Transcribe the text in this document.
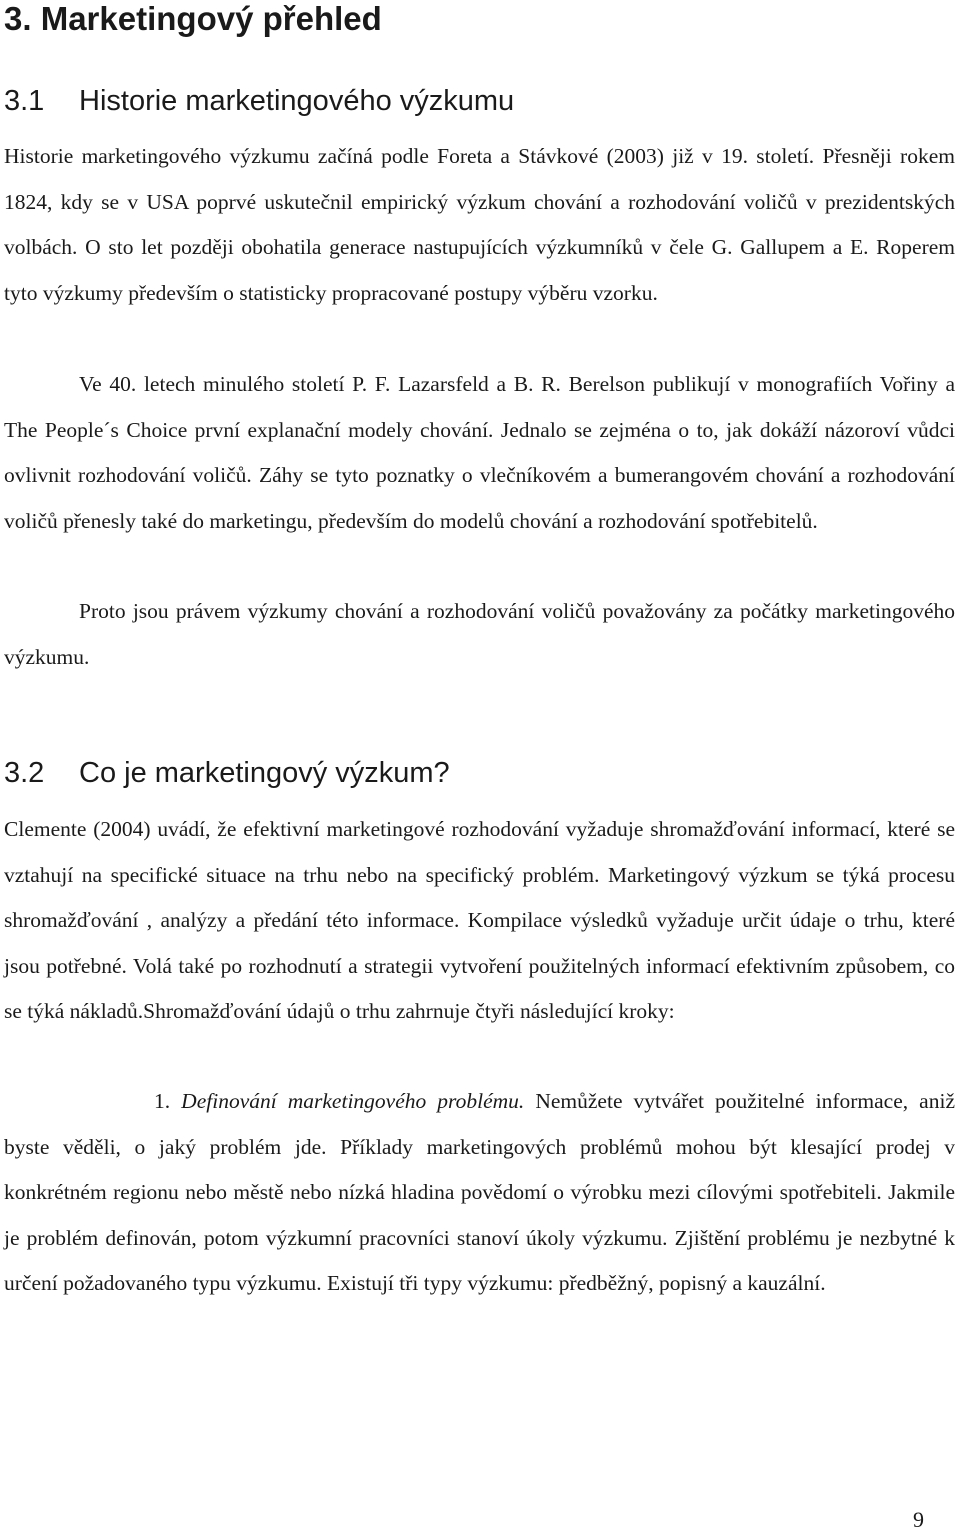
3. Marketingový přehled
3.1 Historie marketingového výzkumu

Historie marketingového výzkumu začíná podle Foreta a Stávkové (2003) již v 19. století. Přesněji rokem 1824, kdy se v USA poprvé uskutečnil empirický výzkum chování a rozhodování voličů v prezidentských volbách. O sto let později obohatila generace nastupujících výzkumníků v čele G. Gallupem a E. Roperem tyto výzkumy především o statisticky propracované postupy výběru vzorku.

Ve 40. letech minulého století P. F. Lazarsfeld a B. R. Berelson publikují v monografiích Vořiny a The People´s Choice první explanační modely chování. Jednalo se zejména o to, jak dokáží názoroví vůdci ovlivnit rozhodování voličů. Záhy se tyto poznatky o vlečníkovém a bumerangovém chování a rozhodování voličů přenesly také do marketingu, především do modelů chování a rozhodování spotřebitelů.

Proto jsou právem výzkumy chování a rozhodování voličů považovány za počátky marketingového výzkumu.

3.2 Co je marketingový výzkum?

Clemente (2004) uvádí, že efektivní marketingové rozhodování vyžaduje shromažďování informací, které se vztahují na specifické situace na trhu nebo na specifický problém. Marketingový výzkum se týká procesu shromažďování , analýzy a předání této informace. Kompilace výsledků vyžaduje určit údaje o trhu, které jsou potřebné. Volá také po rozhodnutí a strategii vytvoření použitelných informací efektivním způsobem, co se týká nákladů.Shromažďování údajů o trhu zahrnuje čtyři následující kroky:

1. Definování marketingového problému. Nemůžete vytvářet použitelné informace, aniž byste věděli, o jaký problém jde. Příklady marketingových problémů mohou být klesající prodej v konkrétném regionu nebo městě nebo nízká hladina povědomí o výrobku mezi cílovými spotřebiteli. Jakmile je problém definován, potom výzkumní pracovníci stanoví úkoly výzkumu. Zjištění problému je nezbytné k určení požadovaného typu výzkumu. Existují tři typy výzkumu: předběžný, popisný a kauzální.

9
